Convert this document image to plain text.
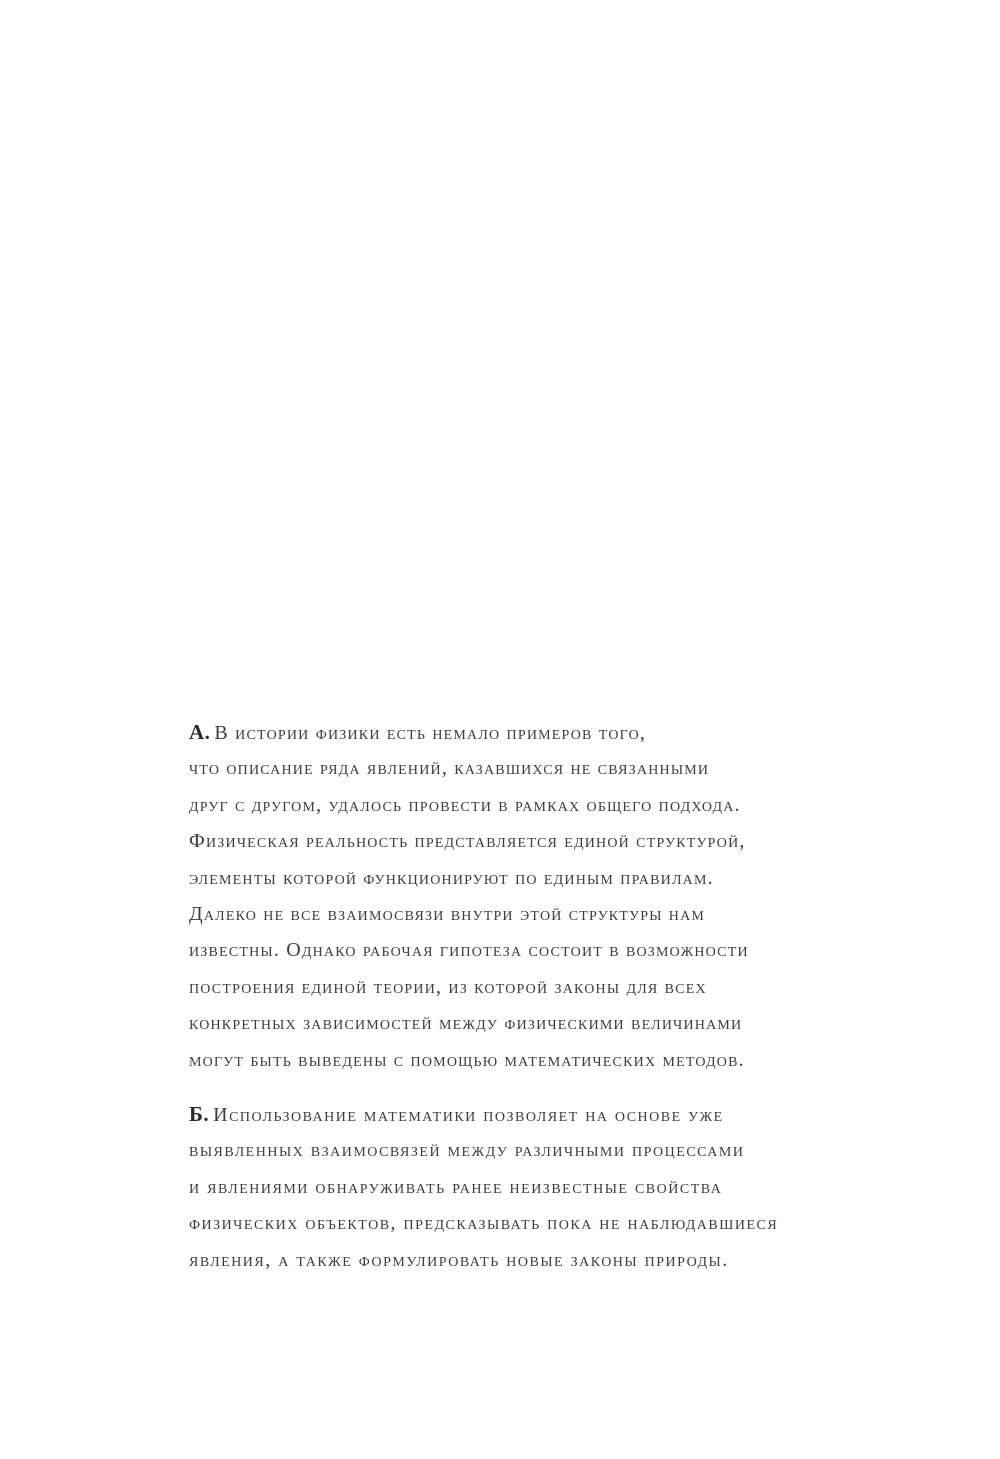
А. В истории физики есть немало примеров того,
что описание ряда явлений, казавшихся не связанными
друг с другом, удалось провести в рамках общего подхода.
Физическая реальность представляется единой структурой,
элементы которой функционируют по единым правилам.
Далеко не все взаимосвязи внутри этой структуры нам
известны. Однако рабочая гипотеза состоит в возможности
построения единой теории, из которой законы для всех
конкретных зависимостей между физическими величинами
могут быть выведены с помощью математических методов.
Б. Использование математики позволяет на основе уже
выявленных взаимосвязей между различными процессами
и явлениями обнаруживать ранее неизвестные свойства
физических объектов, предсказывать пока не наблюдавшиеся
явления, а также формулировать новые законы природы.
